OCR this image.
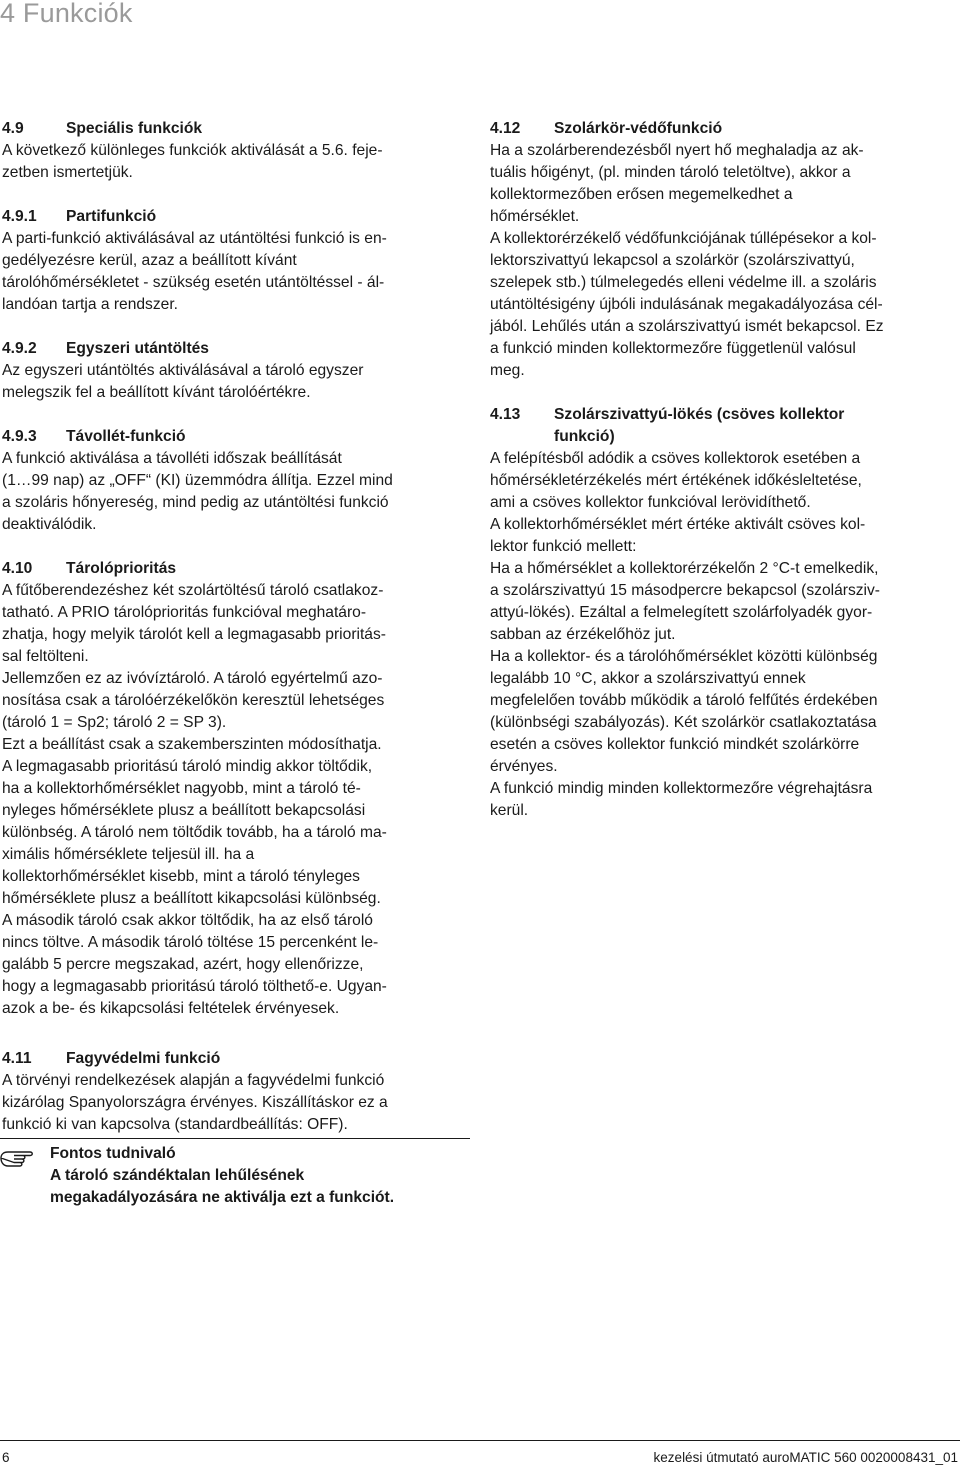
4 Funkciók
4.9	Speciális funkciók

A következő különleges funkciók aktiválását a 5.6. feje-

zetben ismertetjük.

4.9.1	Partifunkció

A parti-funkció aktiválásával az utántöltési funkció is en-

gedélyezésre kerül, azaz a beállított kívánt

tárolóhőmérsékletet - szükség esetén utántöltéssel - ál-

landóan tartja a rendszer.

4.9.2	Egyszeri utántöltés

Az egyszeri utántöltés aktiválásával a tároló egyszer

melegszik fel a beállított kívánt tárolóértékre.

4.9.3	Távollét-funkció

A funkció aktiválása a távolléti időszak beállítását

(1…99 nap) az „OFF“ (KI) üzemmódra állítja. Ezzel mind

a szoláris hőnyereség, mind pedig az utántöltési funkció

deaktiválódik.

4.10	Tárolóprioritás

A fűtőberendezéshez két szolártöltésű tároló csatlakoz-

tatható. A PRIO tárolóprioritás funkcióval meghatáro-

zhatja, hogy melyik tárolót kell a legmagasabb prioritás-

sal feltölteni.

Jellemzően ez az ivóvíztároló. A tároló egyértelmű azo-

nosítása csak a tárolóérzékelőkön keresztül lehetséges

(tároló 1 = Sp2; tároló 2 = SP 3).

Ezt a beállítást csak a szakemberszinten módosíthatja.

A legmagasabb prioritású tároló mindig akkor töltődik,

ha a kollektorhőmérséklet nagyobb, mint a tároló té-

nyleges hőmérséklete plusz a beállított bekapcsolási

különbség. A tároló nem töltődik tovább, ha a tároló ma-

ximális hőmérséklete teljesül ill. ha a

kollektorhőmérséklet kisebb, mint a tároló tényleges

hőmérséklete plusz a beállított kikapcsolási különbség.

A második tároló csak akkor töltődik, ha az első tároló

nincs töltve. A második tároló töltése 15 percenként le-

galább 5 percre megszakad, azért, hogy ellenőrizze,

hogy a legmagasabb prioritású tároló tölthető-e. Ugyan-

azok a be- és kikapcsolási feltételek érvényesek.

4.11	Fagyvédelmi funkció

A törvényi rendelkezések alapján a fagyvédelmi funkció

kizárólag Spanyolországra érvényes. Kiszállításkor ez a

funkció ki van kapcsolva (standardbeállítás: OFF).

Fontos tudnivaló

A tároló szándéktalan lehűlésének

megakadályozására ne aktiválja ezt a funkciót.

4.12	Szolárkör-védőfunkció

Ha a szolárberendezésből nyert hő meghaladja az ak-

tuális hőigényt, (pl. minden tároló teletöltve), akkor a

kollektormezőben erősen megemelkedhet a

hőmérséklet.

A kollektorérzékelő védőfunkciójának túllépésekor a kol-

lektorszivattyú lekapcsol a szolárkör (szolárszivattyú,

szelepek stb.) túlmelegedés elleni védelme ill. a szoláris

utántöltésigény újbóli indulásának megakadályozása cél-

jából. Lehűlés után a szolárszivattyú ismét bekapcsol. Ez

a funkció minden kollektormezőre függetlenül valósul

meg.

4.13	Szolárszivattyú-lökés (csöves kollektor
funkció)

A felépítésből adódik a csöves kollektorok esetében a

hőmérsékletérzékelés mért értékének időkésleltetése,

ami a csöves kollektor funkcióval lerövidíthető.

A kollektorhőmérséklet mért értéke aktivált csöves kol-

lektor funkció mellett:

Ha a hőmérséklet a kollektorérzékelőn 2 °C-t emelkedik,

a szolárszivattyú 15 másodpercre bekapcsol (szolársziv-

attyú-lökés). Ezáltal a felmelegített szolárfolyadék gyor-

sabban az érzékelőhöz jut.

Ha a kollektor- és a tárolóhőmérséklet közötti különbség

legalább 10 °C, akkor a szolárszivattyú ennek

megfelelően tovább működik a tároló felfűtés érdekében

(különbségi szabályozás). Két szolárkör csatlakoztatása

esetén a csöves kollektor funkció mindkét szolárkörre

érvényes.

A funkció mindig minden kollektormezőre végrehajtásra

kerül.

6	kezelési útmutató auroMATIC 560 0020008431_01
